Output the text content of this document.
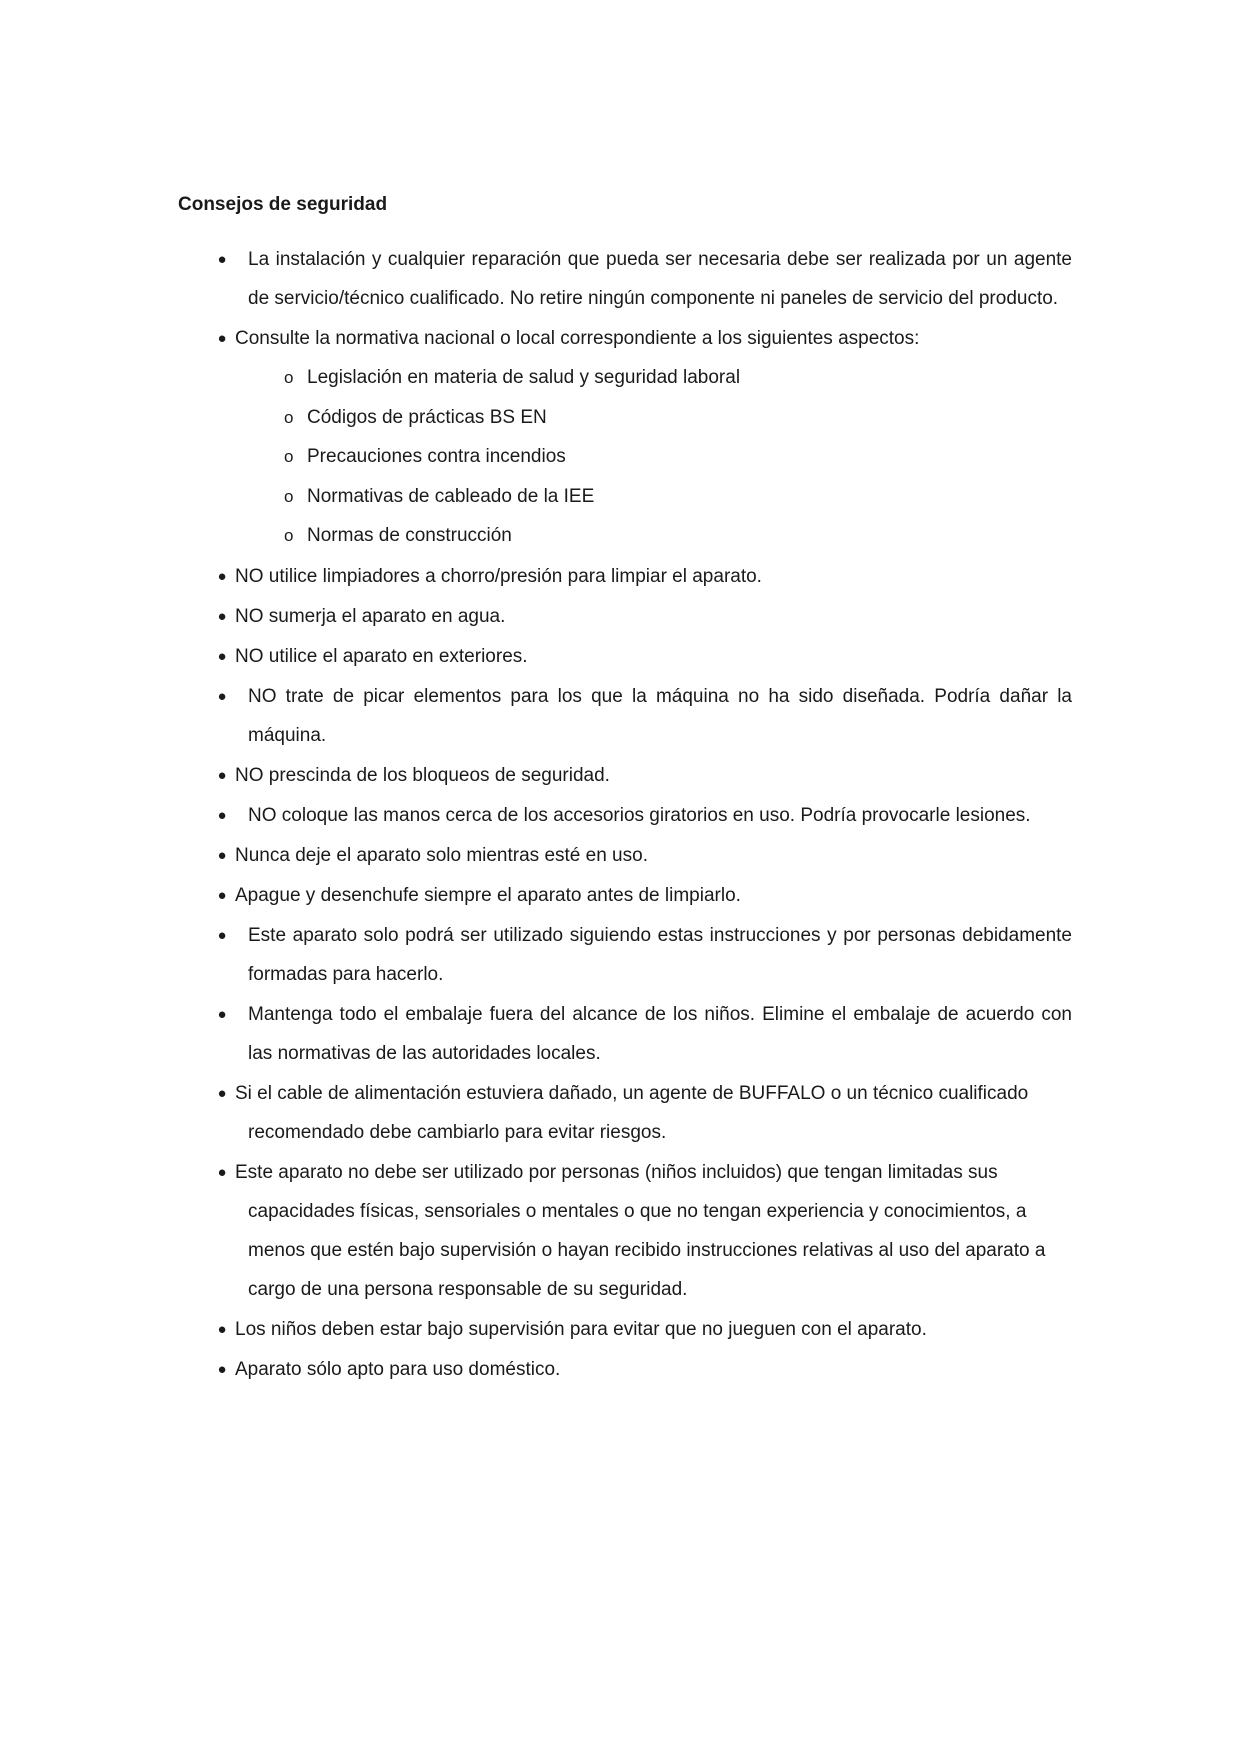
Consejos de seguridad
●	La instalación y cualquier reparación que pueda ser necesaria debe ser realizada por un agente de servicio/técnico cualificado. No retire ningún componente ni paneles de servicio del producto.
● Consulte la normativa nacional o local correspondiente a los siguientes aspectos:
o Legislación en materia de salud y seguridad laboral
o Códigos de prácticas BS EN
o Precauciones contra incendios
o Normativas de cableado de la IEE
o Normas de construcción
● NO utilice limpiadores a chorro/presión para limpiar el aparato.
● NO sumerja el aparato en agua.
● NO utilice el aparato en exteriores.
●	NO trate de picar elementos para los que la máquina no ha sido diseñada. Podría dañar la máquina.
● NO prescinda de los bloqueos de seguridad.
●	NO coloque las manos cerca de los accesorios giratorios en uso. Podría provocarle lesiones.
● Nunca deje el aparato solo mientras esté en uso.
● Apague y desenchufe siempre el aparato antes de limpiarlo.
●	Este aparato solo podrá ser utilizado siguiendo estas instrucciones y por personas debidamente formadas para hacerlo.
●	Mantenga todo el embalaje fuera del alcance de los niños. Elimine el embalaje de acuerdo con las normativas de las autoridades locales.
● Si el cable de alimentación estuviera dañado, un agente de BUFFALO o un técnico cualificado recomendado debe cambiarlo para evitar riesgos.
● Este aparato no debe ser utilizado por personas (niños incluidos) que tengan limitadas sus capacidades físicas, sensoriales o mentales o que no tengan experiencia y conocimientos, a menos que estén bajo supervisión o hayan recibido instrucciones relativas al uso del aparato a cargo de una persona responsable de su seguridad.
● Los niños deben estar bajo supervisión para evitar que no jueguen con el aparato.
● Aparato sólo apto para uso doméstico.
